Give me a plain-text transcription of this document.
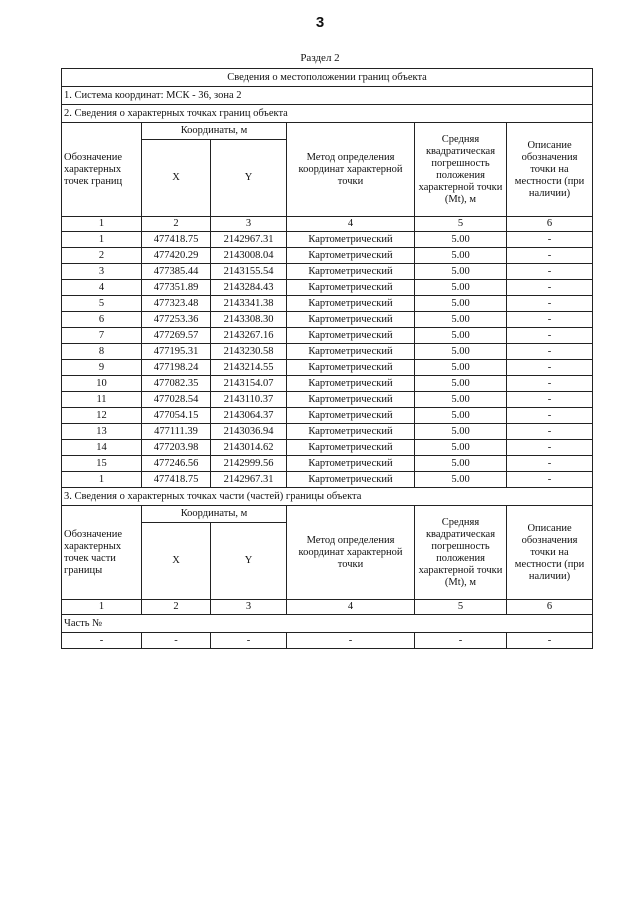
3
Раздел 2
Сведения о местоположении границ объекта					
1. Система координат: МСК - 36, зона 2					
2. Сведения о характерных точках границ объекта					
Обозначение характерных точек границ	Координаты, м		Метод определения координат характерной точки	Средняя квадратическая погрешность положения характерной точки (Mt), м	Описание обозначения точки на местности (при наличии)
	X	Y			
1	2	3	4	5	6
1	477418.75	2142967.31	Картометрический	5.00	-
2	477420.29	2143008.04	Картометрический	5.00	-
3	477385.44	2143155.54	Картометрический	5.00	-
4	477351.89	2143284.43	Картометрический	5.00	-
5	477323.48	2143341.38	Картометрический	5.00	-
6	477253.36	2143308.30	Картометрический	5.00	-
7	477269.57	2143267.16	Картометрический	5.00	-
8	477195.31	2143230.58	Картометрический	5.00	-
9	477198.24	2143214.55	Картометрический	5.00	-
10	477082.35	2143154.07	Картометрический	5.00	-
11	477028.54	2143110.37	Картометрический	5.00	-
12	477054.15	2143064.37	Картометрический	5.00	-
13	477111.39	2143036.94	Картометрический	5.00	-
14	477203.98	2143014.62	Картометрический	5.00	-
15	477246.56	2142999.56	Картометрический	5.00	-
1	477418.75	2142967.31	Картометрический	5.00	-
3. Сведения о характерных точках части (частей) границы объекта					
Обозначение характерных точек части границы	Координаты, м		Метод определения координат характерной точки	Средняя квадратическая погрешность положения характерной точки (Mt), м	Описание обозначения точки на местности (при наличии)
	X	Y			
1	2	3	4	5	6
Часть №					
-	-	-	-	-	-
